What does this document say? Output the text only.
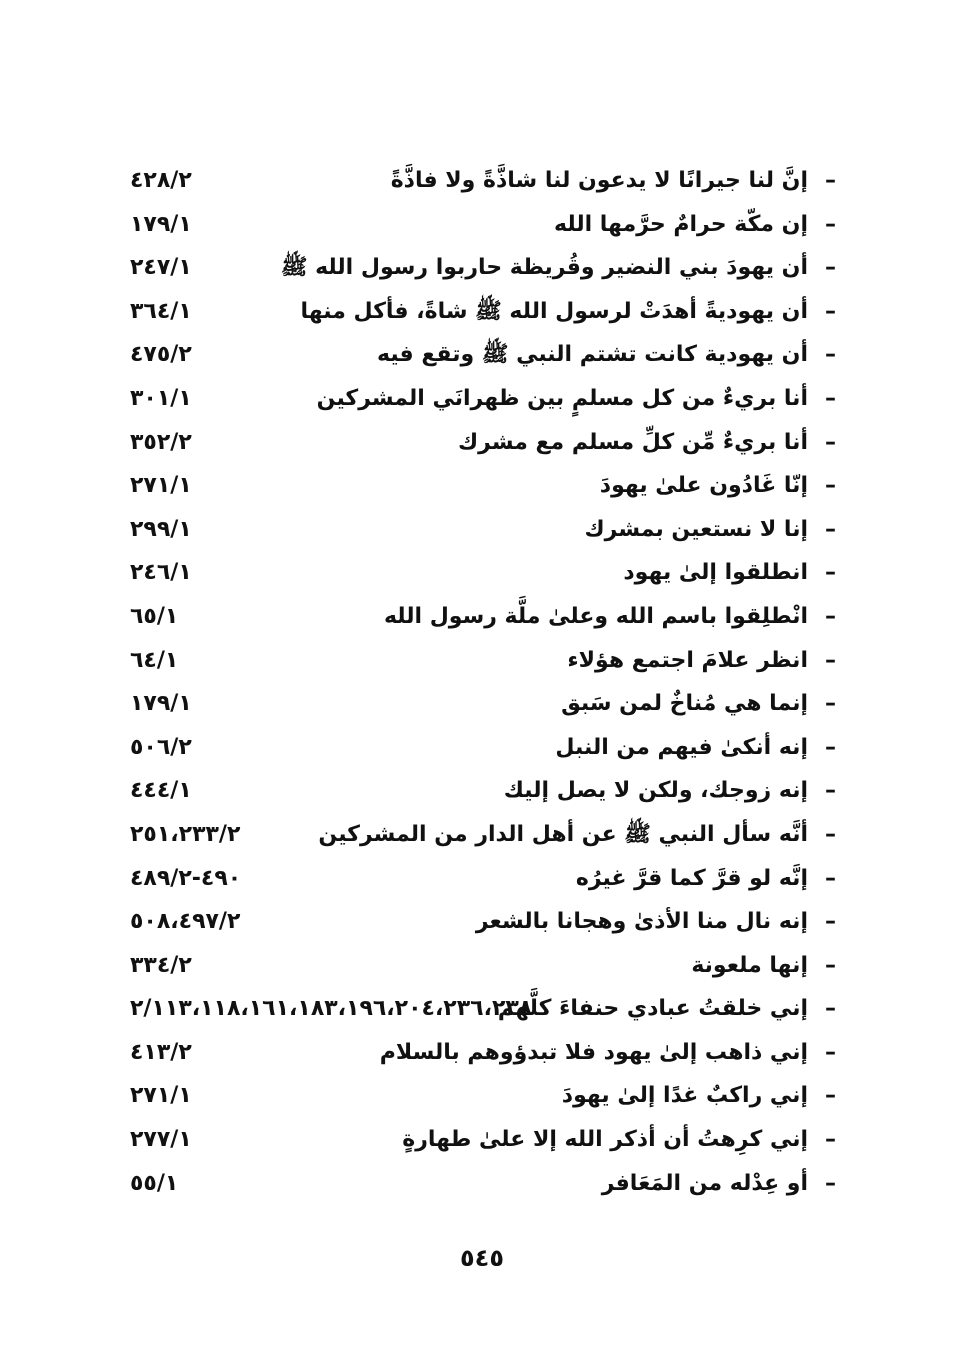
–
إنَّ لنا جيرانًا لا يدعون لنا شاذَّةً ولا فاذَّةً
٤٢٨/٢
–
إن مكّة حرامٌ حرَّمها الله
١٧٩/١
–
أن يهودَ بني النضير وقُريظة حاربوا رسول الله ﷺ
٢٤٧/١
–
أن يهوديةً أهدَتْ لرسول الله ﷺ شاةً، فأكل منها
٣٦٤/١
–
أن يهودية كانت تشتم النبي ﷺ وتقع فيه
٤٧٥/٢
–
أنا بريءٌ من كل مسلمٍ بين ظهرانَي المشركين
٣٠١/١
–
أنا بريءٌ مِّن كلِّ مسلم مع مشرك
٣٥٢/٢
–
إنّا غَادُون علىٰ يهودَ
٢٧١/١
–
إنا لا نستعين بمشرك
٢٩٩/١
–
انطلقوا إلىٰ يهود
٢٤٦/١
–
انْطلِقوا باسم الله وعلىٰ ملَّة رسول الله
٦٥/١
–
انظر علامَ اجتمع هؤلاء
٦٤/١
–
إنما هي مُناخٌ لمن سَبق
١٧٩/١
–
إنه أنكىٰ فيهم من النبل
٥٠٦/٢
–
إنه زوجك، ولكن لا يصل إليك
٤٤٤/١
–
أنَّه سأل النبي ﷺ عن أهل الدار من المشركين
٢٥١،٢٣٣/٢
–
إنَّه لو قرَّ كما قرَّ غيرُه
٤٩٠-٤٨٩/٢
–
إنه نال منا الأذىٰ وهجانا بالشعر
٥٠٨،٤٩٧/٢
–
إنها ملعونة
٣٣٤/٢
–
إني خلقتُ عبادي حنفاءَ كلَّهم
٢/١١٣،١١٨،١٦١،١٨٣،١٩٦،٢٠٤،٢٣٦،٢٣٨
–
إني ذاهب إلىٰ يهود فلا تبدؤوهم بالسلام
٤١٣/٢
–
إني راكبٌ غدًا إلىٰ يهودَ
٢٧١/١
–
إني كرِهتُ أن أذكر الله إلا علىٰ طهارةٍ
٢٧٧/١
–
أو عِدْله من المَعَافر
٥٥/١
٥٤٥
